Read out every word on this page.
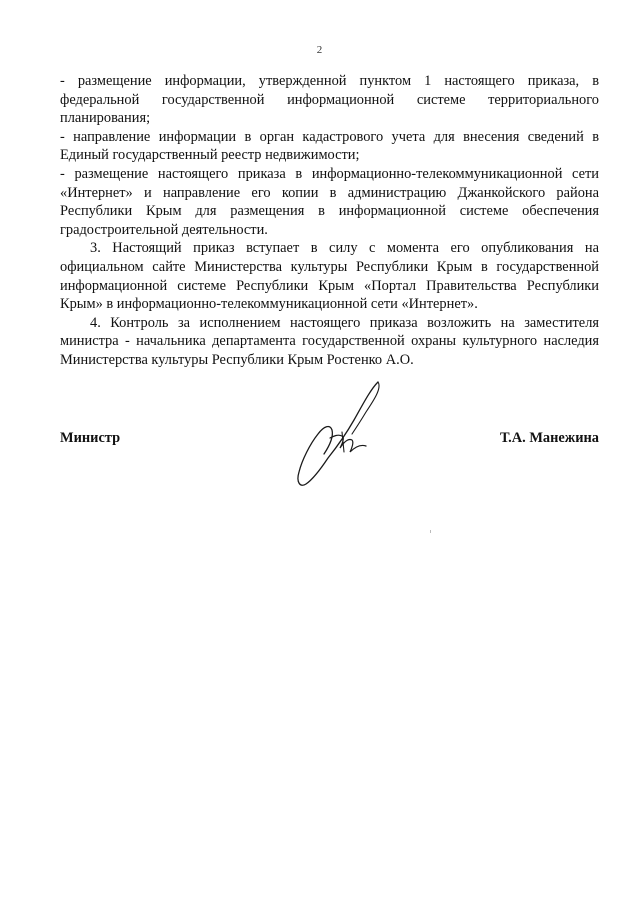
2

- размещение информации, утвержденной пунктом 1 настоящего приказа, в федеральной государственной информационной системе территориального планирования;

- направление информации в орган кадастрового учета для внесения сведений в Единый государственный реестр недвижимости;

- размещение настоящего приказа в информационно-телекоммуникационной сети «Интернет» и направление его копии в администрацию Джанкойского района Республики Крым для размещения в информационной системе обеспечения градостроительной деятельности.

3. Настоящий приказ вступает в силу с момента его опубликования на официальном сайте Министерства культуры Республики Крым в государственной информационной системе Республики Крым «Портал Правительства Республики Крым» в информационно-телекоммуникационной сети «Интернет».

4. Контроль за исполнением настоящего приказа возложить на заместителя министра - начальника департамента государственной охраны культурного наследия Министерства культуры Республики Крым Ростенко А.О.

Министр	Т.А. Манежина
